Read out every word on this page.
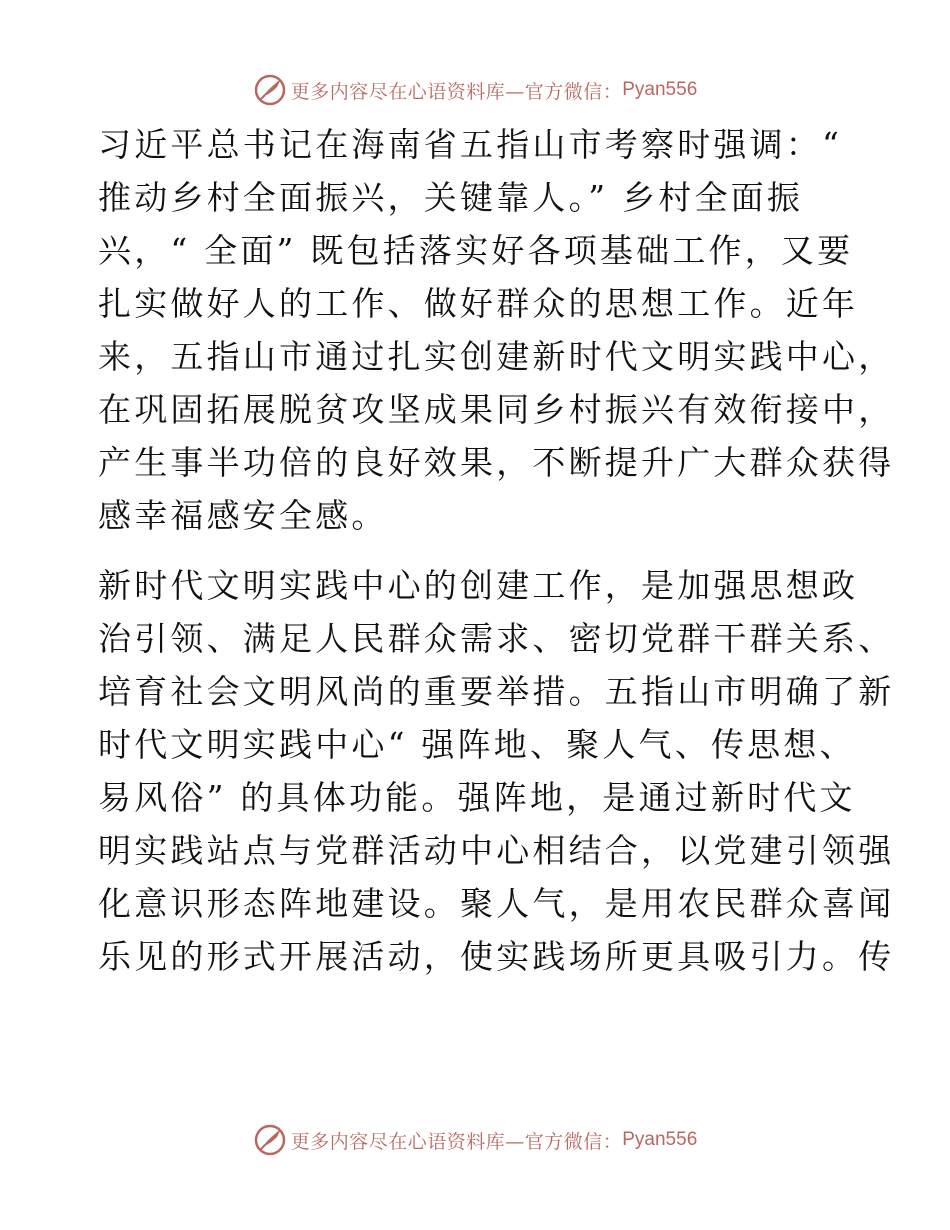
更多内容尽在心语资料库—官方微信： Pyan556

习近平总书记在海南省五指山市考察时强调：“
推动乡村全面振兴，关键靠人。” 乡村全面振
兴，“ 全面” 既包括落实好各项基础工作，又要
扎实做好人的工作、做好群众的思想工作。近年
来，五指山市通过扎实创建新时代文明实践中心，
在巩固拓展脱贫攻坚成果同乡村振兴有效衔接中，
产生事半功倍的良好效果，不断提升广大群众获得
感幸福感安全感。

新时代文明实践中心的创建工作，是加强思想政
治引领、满足人民群众需求、密切党群干群关系、
培育社会文明风尚的重要举措。五指山市明确了新
时代文明实践中心“ 强阵地、聚人气、传思想、
易风俗” 的具体功能。强阵地，是通过新时代文
明实践站点与党群活动中心相结合，以党建引领强
化意识形态阵地建设。聚人气，是用农民群众喜闻
乐见的形式开展活动，使实践场所更具吸引力。传

更多内容尽在心语资料库—官方微信： Pyan556
